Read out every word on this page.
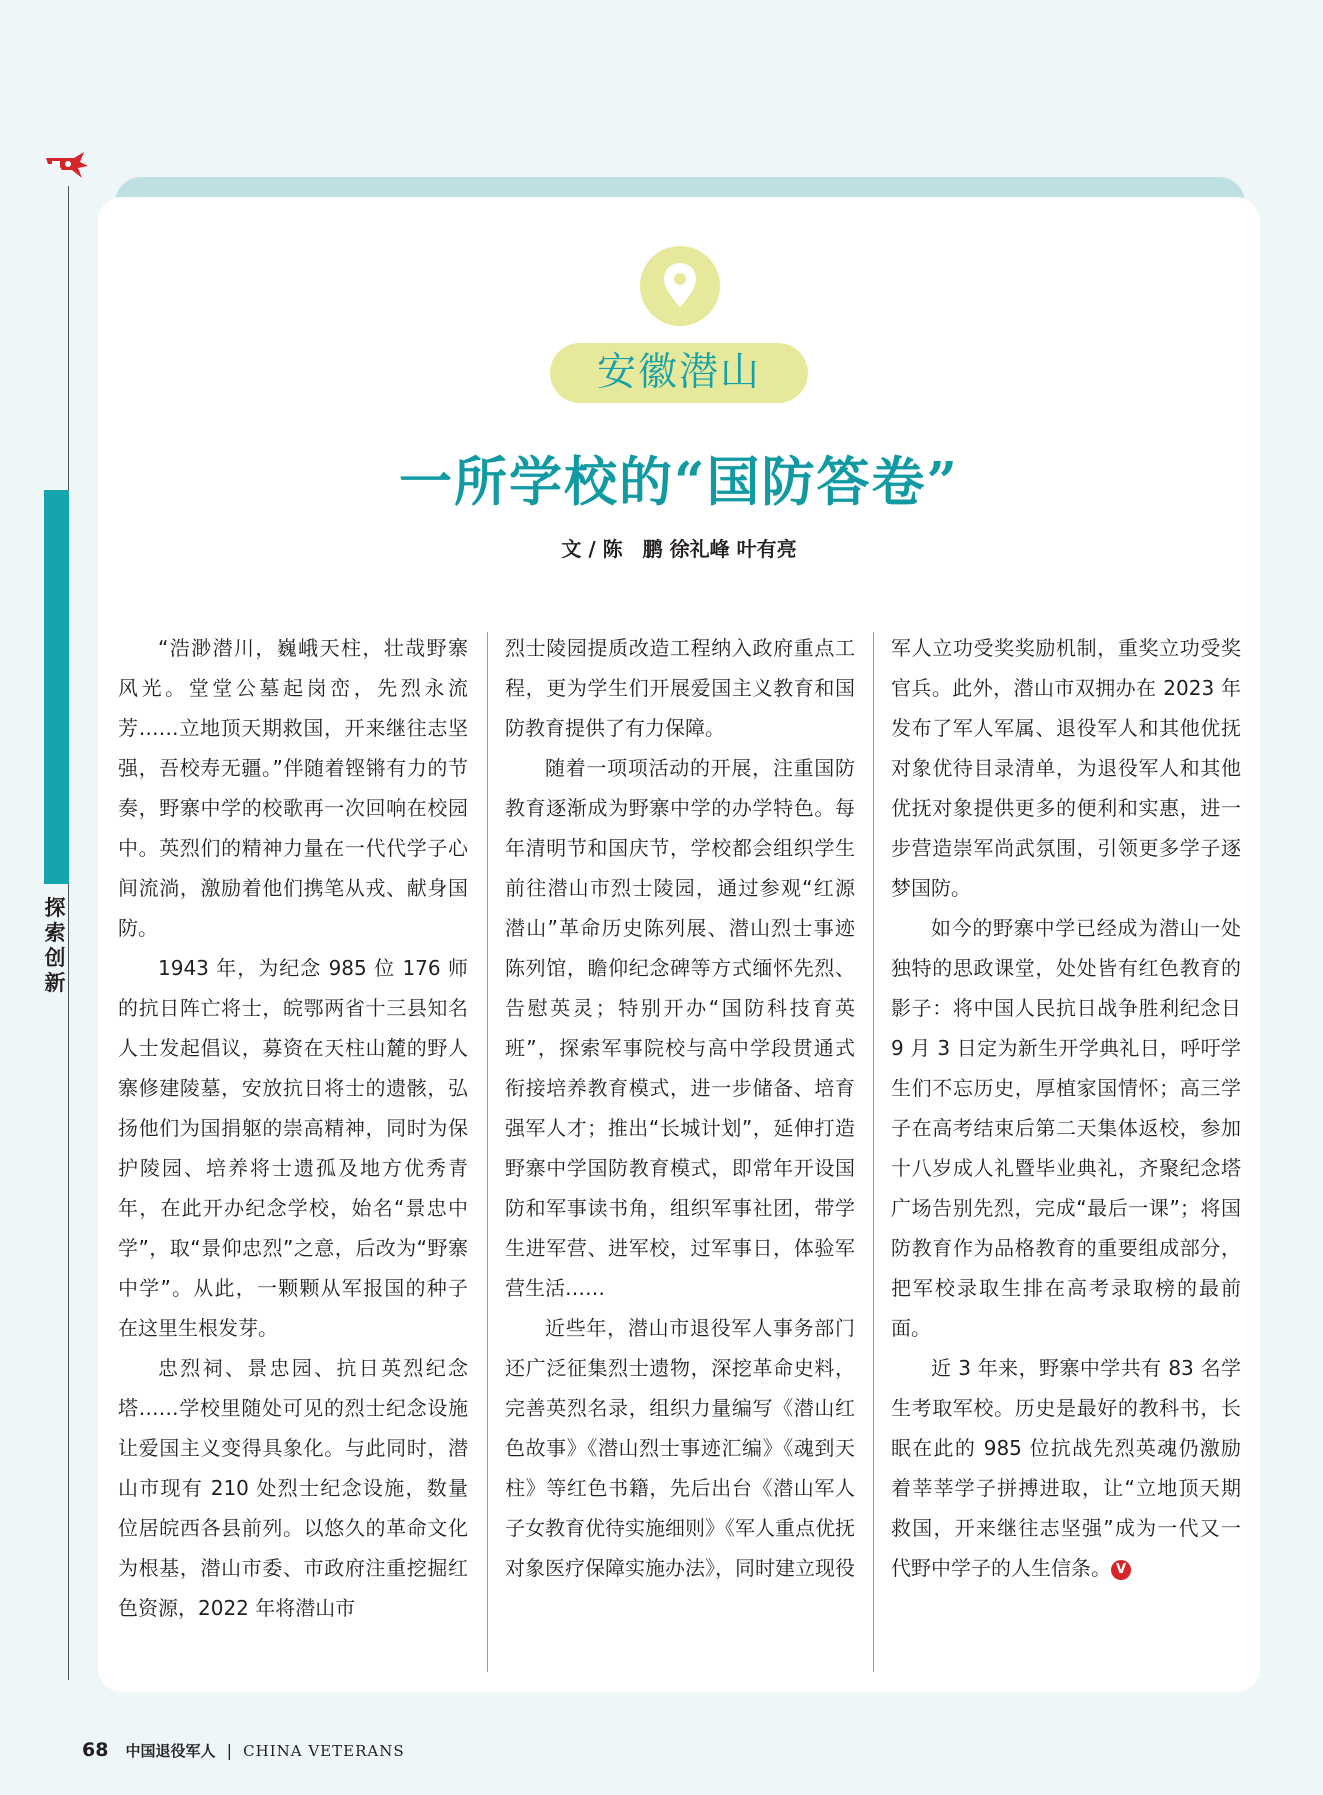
探索创新
安徽潜山
一所学校的“国防答卷”
文 / 陈　鹏 徐礼峰 叶有亮

“浩渺潜川，巍峨天柱，壮哉野寨风光。堂堂公墓起岗峦，先烈永流芳……立地顶天期救国，开来继往志坚强，吾校寿无疆。”伴随着铿锵有力的节奏，野寨中学的校歌再一次回响在校园中。英烈们的精神力量在一代代学子心间流淌，激励着他们携笔从戎、献身国防。

1943 年，为纪念 985 位 176 师的抗日阵亡将士，皖鄂两省十三县知名人士发起倡议，募资在天柱山麓的野人寨修建陵墓，安放抗日将士的遗骸，弘扬他们为国捐躯的崇高精神，同时为保护陵园、培养将士遗孤及地方优秀青年，在此开办纪念学校，始名“景忠中学”，取“景仰忠烈”之意，后改为“野寨中学”。从此，一颗颗从军报国的种子在这里生根发芽。

忠烈祠、景忠园、抗日英烈纪念塔……学校里随处可见的烈士纪念设施让爱国主义变得具象化。与此同时，潜山市现有 210 处烈士纪念设施，数量位居皖西各县前列。以悠久的革命文化为根基，潜山市委、市政府注重挖掘红色资源，2022 年将潜山市

烈士陵园提质改造工程纳入政府重点工程，更为学生们开展爱国主义教育和国防教育提供了有力保障。

随着一项项活动的开展，注重国防教育逐渐成为野寨中学的办学特色。每年清明节和国庆节，学校都会组织学生前往潜山市烈士陵园，通过参观“红源潜山”革命历史陈列展、潜山烈士事迹陈列馆，瞻仰纪念碑等方式缅怀先烈、告慰英灵；特别开办“国防科技育英班”，探索军事院校与高中学段贯通式衔接培养教育模式，进一步储备、培育强军人才；推出“长城计划”，延伸打造野寨中学国防教育模式，即常年开设国防和军事读书角，组织军事社团，带学生进军营、进军校，过军事日，体验军营生活……

近些年，潜山市退役军人事务部门还广泛征集烈士遗物，深挖革命史料，完善英烈名录，组织力量编写《潜山红色故事》《潜山烈士事迹汇编》《魂到天柱》等红色书籍，先后出台《潜山军人子女教育优待实施细则》《军人重点优抚对象医疗保障实施办法》，同时建立现役

军人立功受奖奖励机制，重奖立功受奖官兵。此外，潜山市双拥办在 2023 年发布了军人军属、退役军人和其他优抚对象优待目录清单，为退役军人和其他优抚对象提供更多的便利和实惠，进一步营造崇军尚武氛围，引领更多学子逐梦国防。

如今的野寨中学已经成为潜山一处独特的思政课堂，处处皆有红色教育的影子：将中国人民抗日战争胜利纪念日 9 月 3 日定为新生开学典礼日，呼吁学生们不忘历史，厚植家国情怀；高三学子在高考结束后第二天集体返校，参加十八岁成人礼暨毕业典礼，齐聚纪念塔广场告别先烈，完成“最后一课”；将国防教育作为品格教育的重要组成部分，把军校录取生排在高考录取榜的最前面。

近 3 年来，野寨中学共有 83 名学生考取军校。历史是最好的教科书，长眠在此的 985 位抗战先烈英魂仍激励着莘莘学子拼搏进取，让“立地顶天期救国，开来继往志坚强”成为一代又一代野中学子的人生信条。 V

68 中国退役军人 | CHINA VETERANS
